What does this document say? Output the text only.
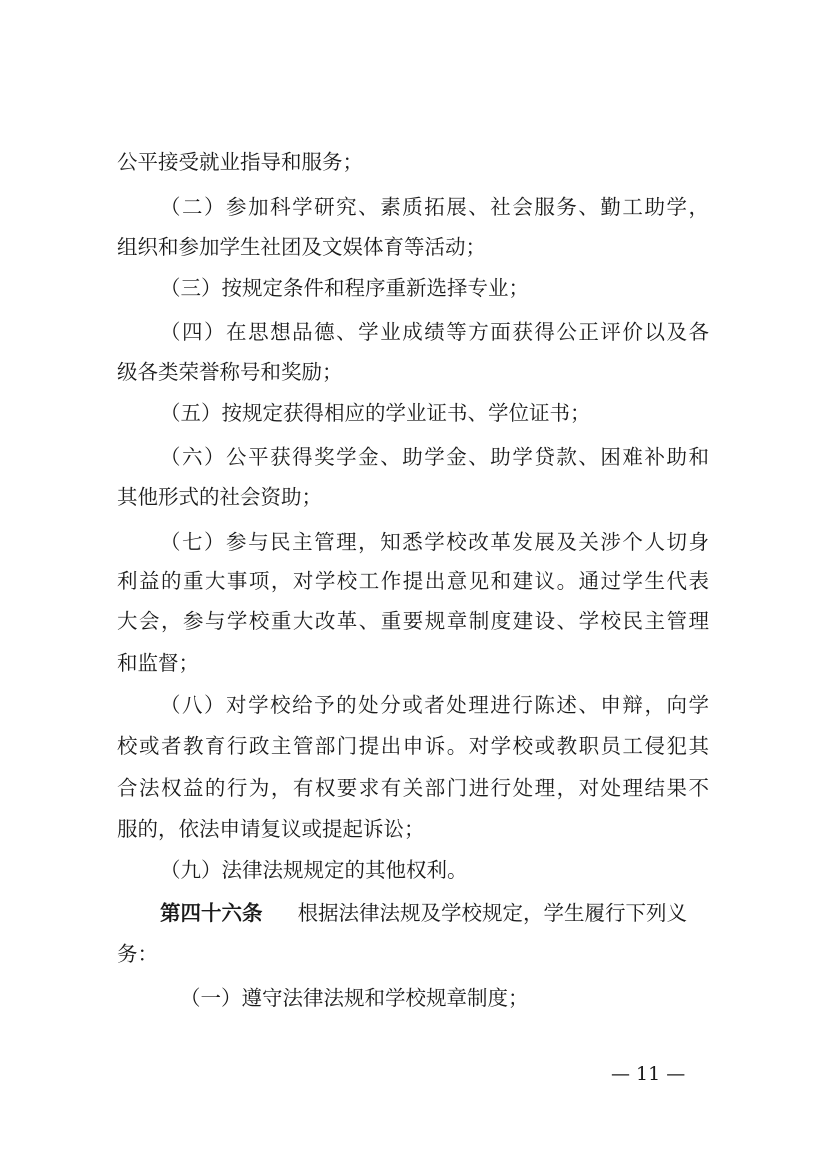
公平接受就业指导和服务；
（二）参加科学研究、素质拓展、社会服务、勤工助学，
组织和参加学生社团及文娱体育等活动；
（三）按规定条件和程序重新选择专业；
（四）在思想品德、学业成绩等方面获得公正评价以及各
级各类荣誉称号和奖励；
（五）按规定获得相应的学业证书、学位证书；
（六）公平获得奖学金、助学金、助学贷款、困难补助和
其他形式的社会资助；
（七）参与民主管理，知悉学校改革发展及关涉个人切身
利益的重大事项，对学校工作提出意见和建议。通过学生代表
大会，参与学校重大改革、重要规章制度建设、学校民主管理
和监督；
（八）对学校给予的处分或者处理进行陈述、申辩，向学
校或者教育行政主管部门提出申诉。对学校或教职员工侵犯其
合法权益的行为，有权要求有关部门进行处理，对处理结果不
服的，依法申请复议或提起诉讼；
（九）法律法规规定的其他权利。
第四十六条 根据法律法规及学校规定，学生履行下列义
务：
（一）遵守法律法规和学校规章制度；
— 11 —
